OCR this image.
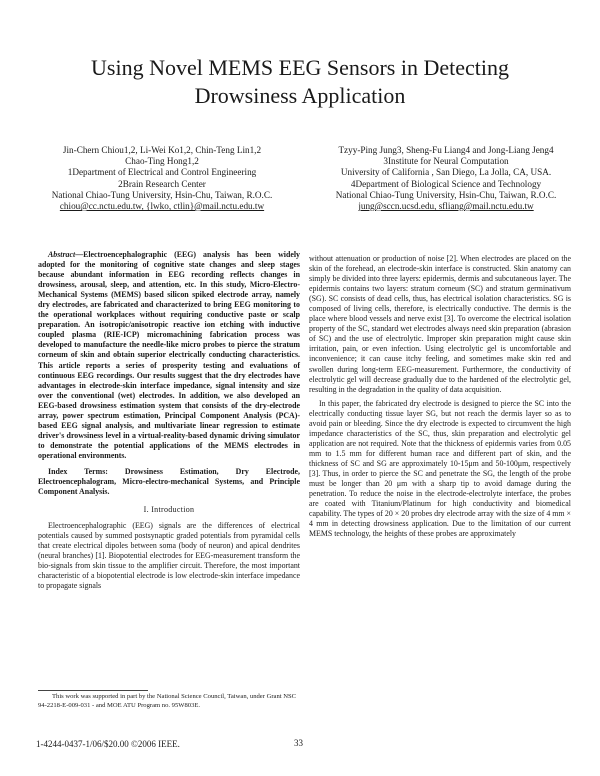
Using Novel MEMS EEG Sensors in Detecting
Drowsiness Application
Jin-Chern Chiou1,2, Li-Wei Ko1,2, Chin-Teng Lin1,2
Chao-Ting Hong1,2
1Department of Electrical and Control Engineering
2Brain Research Center
National Chiao-Tung University, Hsin-Chu, Taiwan, R.O.C.
chiou@cc.nctu.edu.tw, {lwko, ctlin}@mail.nctu.edu.tw
Tzyy-Ping Jung3, Sheng-Fu Liang4 and Jong-Liang Jeng4
3Institute for Neural Computation
University of California , San Diego, La Jolla, CA, USA.
4Department of Biological Science and Technology
National Chiao-Tung University, Hsin-Chu, Taiwan, R.O.C.
jung@sccn.ucsd.edu, sfliang@mail.nctu.edu.tw

Abstract—Electroencephalographic (EEG) analysis has been widely adopted for the monitoring of cognitive state changes and sleep stages because abundant information in EEG recording reflects changes in drowsiness, arousal, sleep, and attention, etc. In this study, Micro-Electro-Mechanical Systems (MEMS) based silicon spiked electrode array, namely dry electrodes, are fabricated and characterized to bring EEG monitoring to the operational workplaces without requiring conductive paste or scalp preparation. An isotropic/anisotropic reactive ion etching with inductive coupled plasma (RIE-ICP) micromachining fabrication process was developed to manufacture the needle-like micro probes to pierce the stratum corneum of skin and obtain superior electrically conducting characteristics. This article reports a series of prosperity testing and evaluations of continuous EEG recordings. Our results suggest that the dry electrodes have advantages in electrode-skin interface impedance, signal intensity and size over the conventional (wet) electrodes. In addition, we also developed an EEG-based drowsiness estimation system that consists of the dry-electrode array, power spectrum estimation, Principal Component Analysis (PCA)-based EEG signal analysis, and multivariate linear regression to estimate driver's drowsiness level in a virtual-reality-based dynamic driving simulator to demonstrate the potential applications of the MEMS electrodes in operational environments.

Index Terms: Drowsiness Estimation, Dry Electrode, Electroencephalogram, Micro-electro-mechanical Systems, and Principle Component Analysis.

I. Introduction

Electroencephalographic (EEG) signals are the differences of electrical potentials caused by summed postsynaptic graded potentials from pyramidal cells that create electrical dipoles between soma (body of neuron) and apical dendrites (neural branches) [1]. Biopotential electrodes for EEG-measurement transform the bio-signals from skin tissue to the amplifier circuit. Therefore, the most important characteristic of a biopotential electrode is low electrode-skin interface impedance to propagate signals

without attenuation or production of noise [2]. When electrodes are placed on the skin of the forehead, an electrode-skin interface is constructed. Skin anatomy can simply be divided into three layers: epidermis, dermis and subcutaneous layer. The epidermis contains two layers: stratum corneum (SC) and stratum germinativum (SG). SC consists of dead cells, thus, has electrical isolation characteristics. SG is composed of living cells, therefore, is electrically conductive. The dermis is the place where blood vessels and nerve exist [3]. To overcome the electrical isolation property of the SC, standard wet electrodes always need skin preparation (abrasion of SC) and the use of electrolytic. Improper skin preparation might cause skin irritation, pain, or even infection. Using electrolytic gel is uncomfortable and inconvenience; it can cause itchy feeling, and sometimes make skin red and swollen during long-term EEG-measurement. Furthermore, the conductivity of electrolytic gel will decrease gradually due to the hardened of the electrolytic gel, resulting in the degradation in the quality of data acquisition.

In this paper, the fabricated dry electrode is designed to pierce the SC into the electrically conducting tissue layer SG, but not reach the dermis layer so as to avoid pain or bleeding. Since the dry electrode is expected to circumvent the high impedance characteristics of the SC, thus, skin preparation and electrolytic gel application are not required. Note that the thickness of epidermis varies from 0.05 mm to 1.5 mm for different human race and different part of skin, and the thickness of SC and SG are approximately 10-15μm and 50-100μm, respectively [3]. Thus, in order to pierce the SC and penetrate the SG, the length of the probe must be longer than 20 μm with a sharp tip to avoid damage during the penetration. To reduce the noise in the electrode-electrolyte interface, the probes are coated with Titanium/Platinum for high conductivity and biomedical capability. The types of 20 × 20 probes dry electrode array with the size of 4 mm × 4 mm in detecting drowsiness application. Due to the limitation of our current MEMS technology, the heights of these probes are approximately

This work was supported in part by the National Science Council, Taiwan, under Grant NSC 94-2218-E-009-031 - and MOE ATU Program no. 95W803E.

1-4244-0437-1/06/$20.00 ©2006 IEEE.	33
